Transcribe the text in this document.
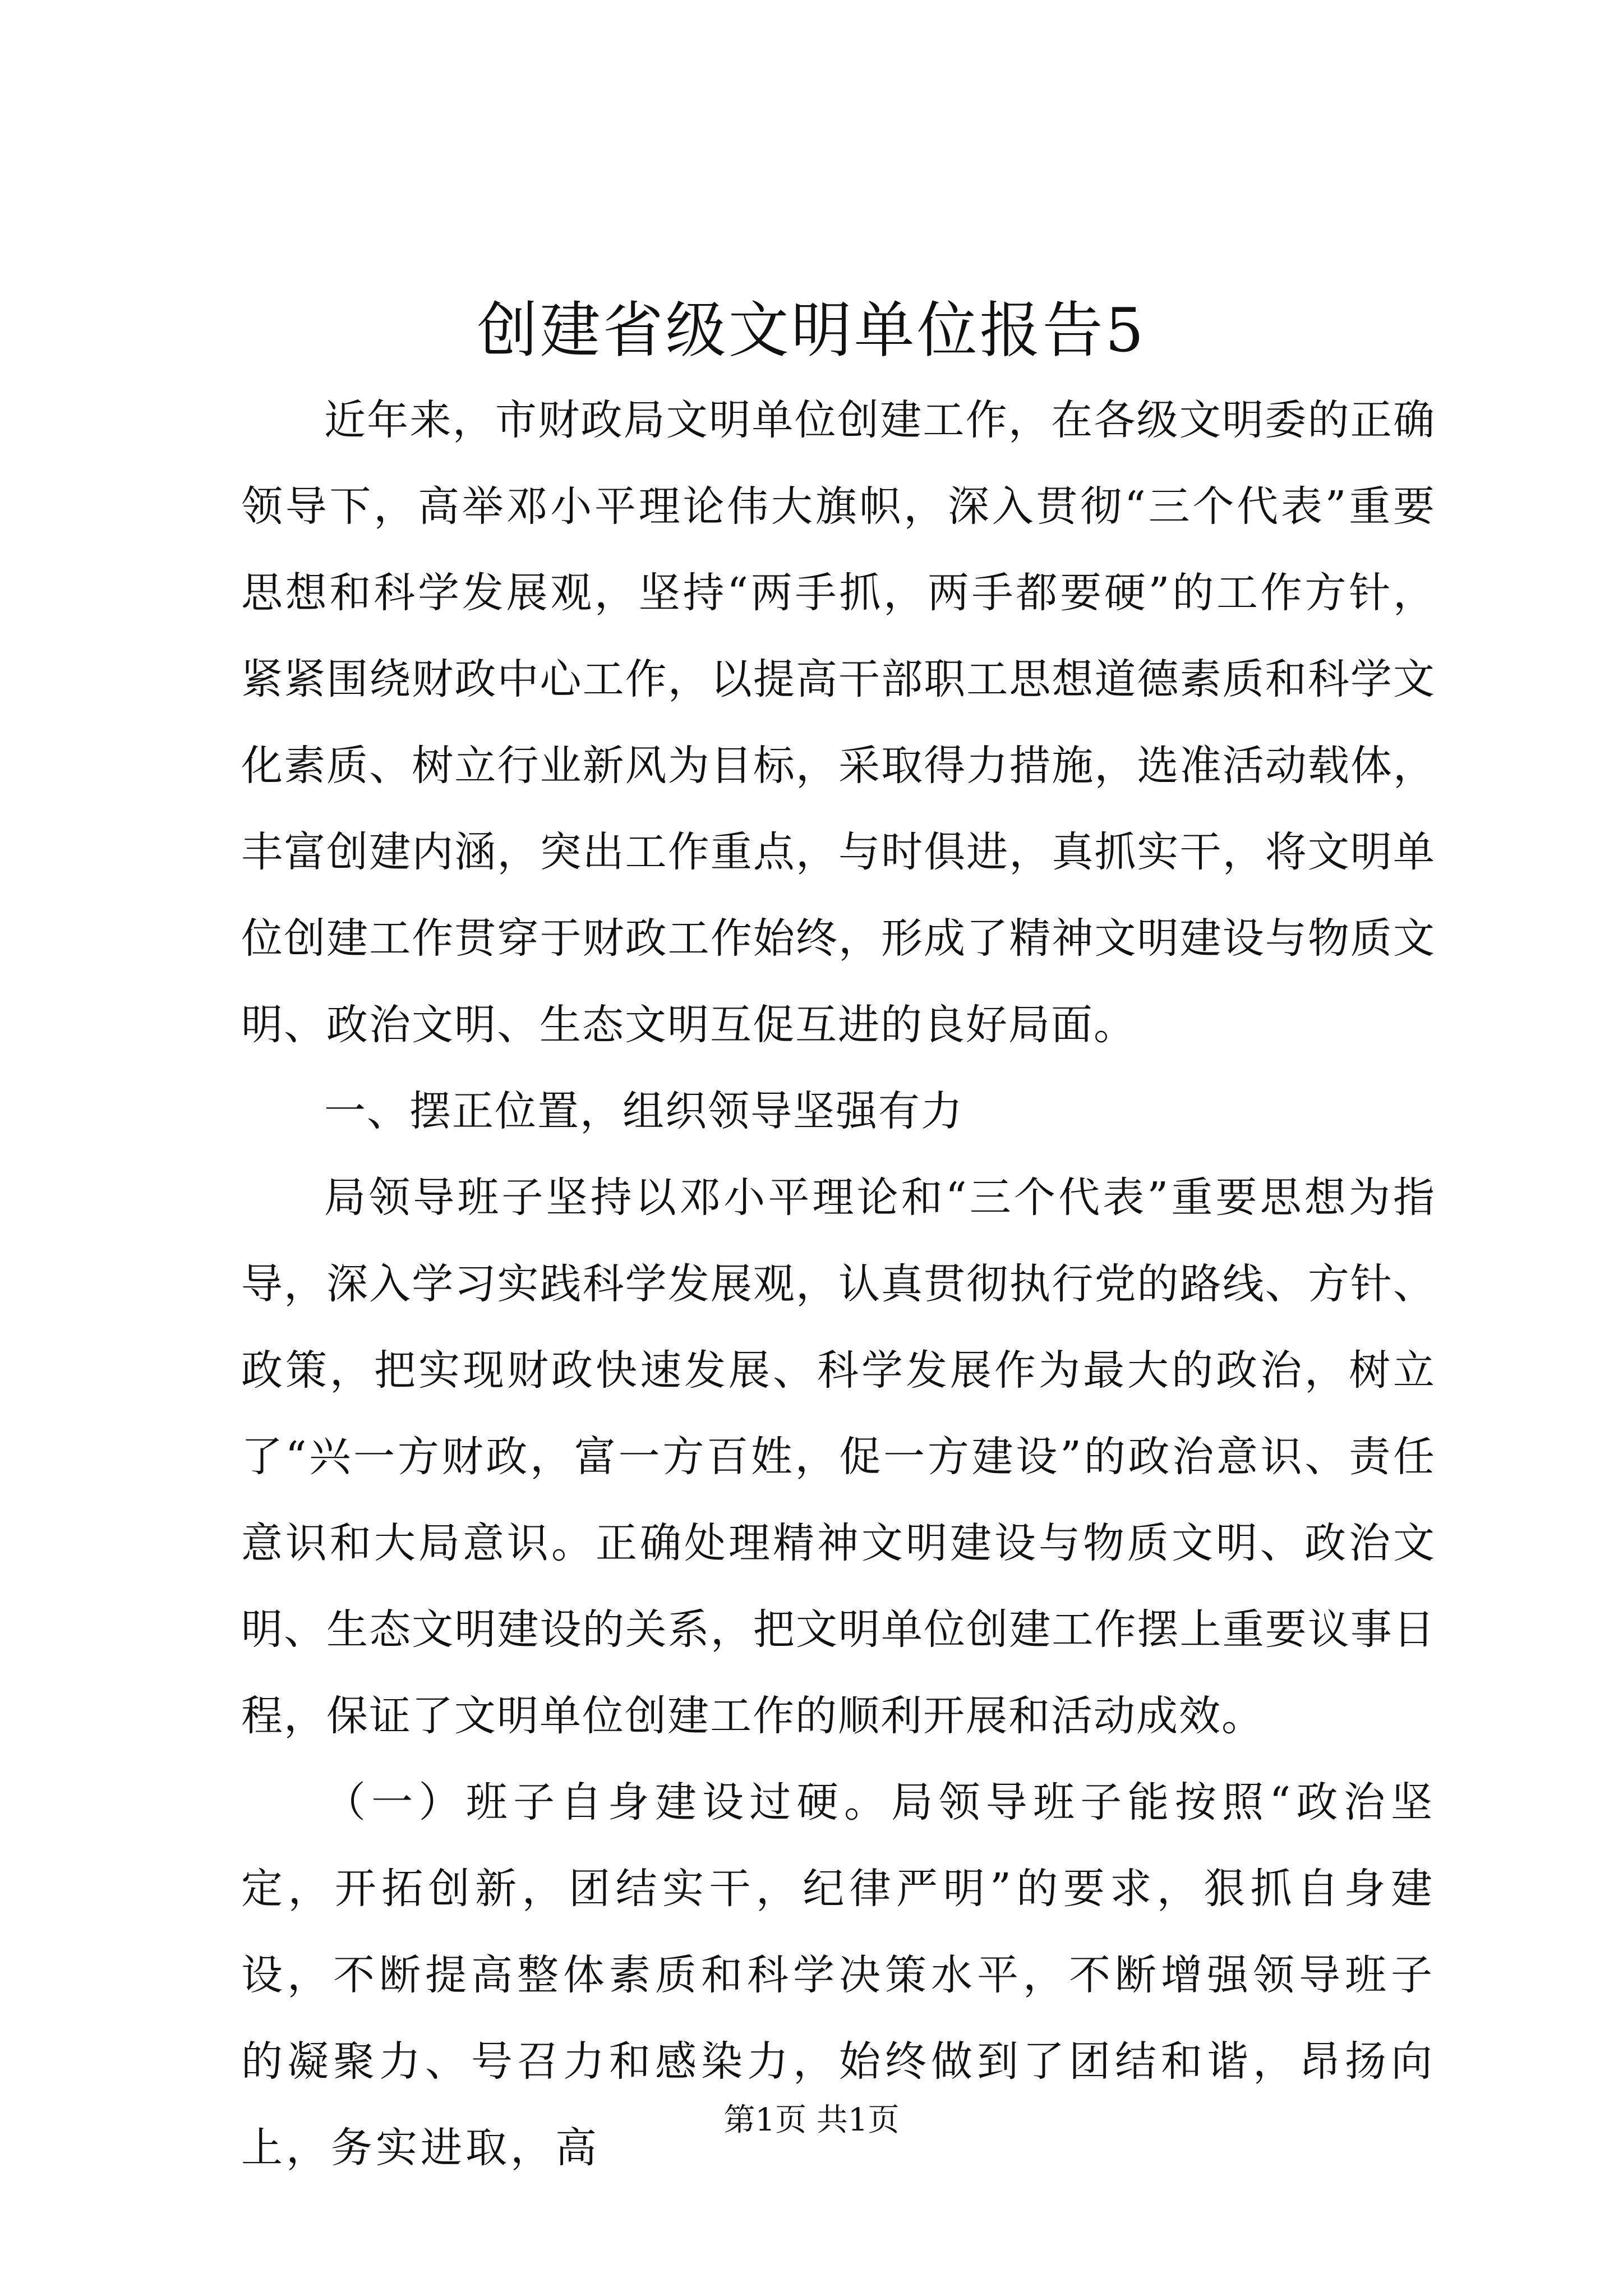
创建省级文明单位报告5

近年来，市财政局文明单位创建工作，在各级文明委的正确领导下，高举邓小平理论伟大旗帜，深入贯彻“三个代表”重要思想和科学发展观，坚持“两手抓，两手都要硬”的工作方针，紧紧围绕财政中心工作，以提高干部职工思想道德素质和科学文化素质、树立行业新风为目标，采取得力措施，选准活动载体，丰富创建内涵，突出工作重点，与时俱进，真抓实干，将文明单位创建工作贯穿于财政工作始终，形成了精神文明建设与物质文明、政治文明、生态文明互促互进的良好局面。

一、摆正位置，组织领导坚强有力

局领导班子坚持以邓小平理论和“三个代表”重要思想为指导，深入学习实践科学发展观，认真贯彻执行党的路线、方针、政策，把实现财政快速发展、科学发展作为最大的政治，树立了“兴一方财政，富一方百姓，促一方建设”的政治意识、责任意识和大局意识。正确处理精神文明建设与物质文明、政治文明、生态文明建设的关系，把文明单位创建工作摆上重要议事日程，保证了文明单位创建工作的顺利开展和活动成效。

（一）班子自身建设过硬。局领导班子能按照“政治坚定，开拓创新，团结实干，纪律严明”的要求，狠抓自身建设，不断提高整体素质和科学决策水平，不断增强领导班子的凝聚力、号召力和感染力，始终做到了团结和谐，昂扬向上，务实进取，高

第1页 共1页
